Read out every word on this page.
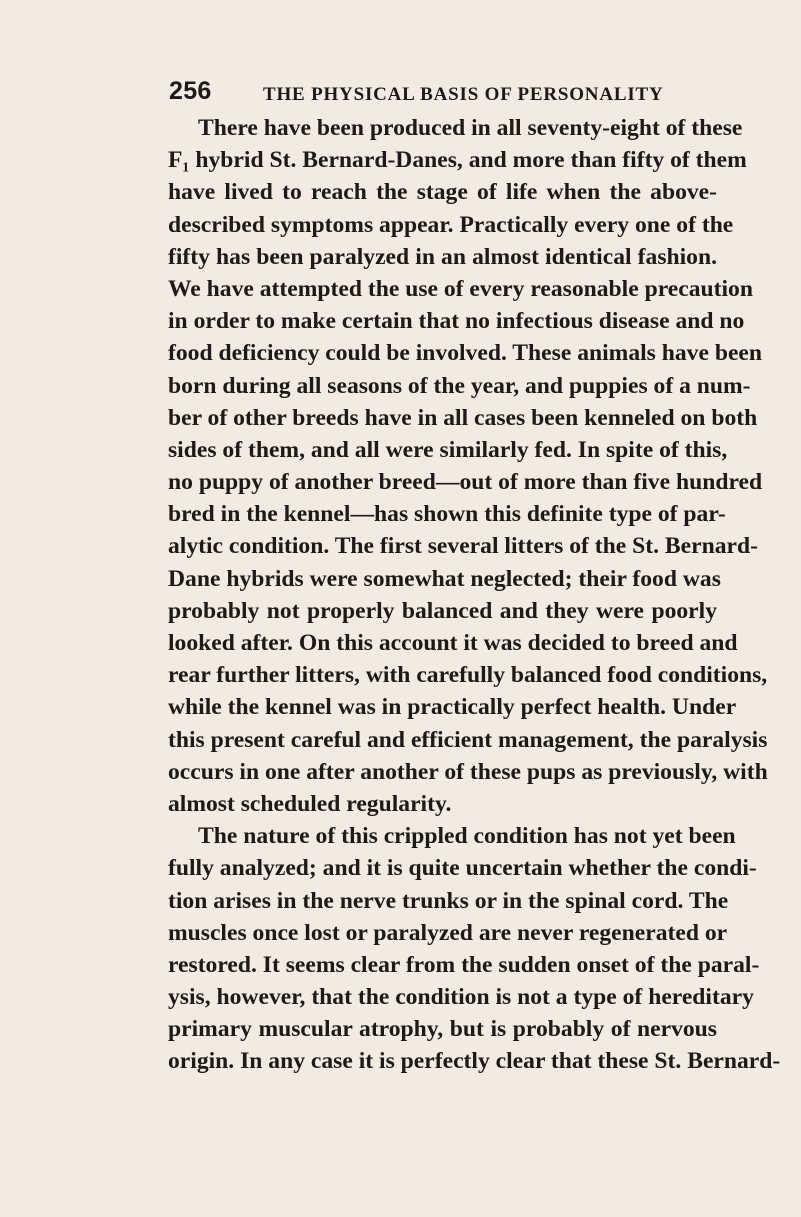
256	THE PHYSICAL BASIS OF PERSONALITY
There have been produced in all seventy-eight of these
F₁ hybrid St. Bernard-Danes, and more than fifty of them
have lived to reach the stage of life when the above-
described symptoms appear. Practically every one of the
fifty has been paralyzed in an almost identical fashion.
We have attempted the use of every reasonable precaution
in order to make certain that no infectious disease and no
food deficiency could be involved. These animals have been
born during all seasons of the year, and puppies of a num-
ber of other breeds have in all cases been kenneled on both
sides of them, and all were similarly fed. In spite of this,
no puppy of another breed—out of more than five hundred
bred in the kennel—has shown this definite type of par-
alytic condition. The first several litters of the St. Bernard-
Dane hybrids were somewhat neglected; their food was
probably not properly balanced and they were poorly
looked after. On this account it was decided to breed and
rear further litters, with carefully balanced food conditions,
while the kennel was in practically perfect health. Under
this present careful and efficient management, the paralysis
occurs in one after another of these pups as previously, with
almost scheduled regularity.
The nature of this crippled condition has not yet been
fully analyzed; and it is quite uncertain whether the condi-
tion arises in the nerve trunks or in the spinal cord. The
muscles once lost or paralyzed are never regenerated or
restored. It seems clear from the sudden onset of the paral-
ysis, however, that the condition is not a type of hereditary
primary muscular atrophy, but is probably of nervous
origin. In any case it is perfectly clear that these St. Bernard-
